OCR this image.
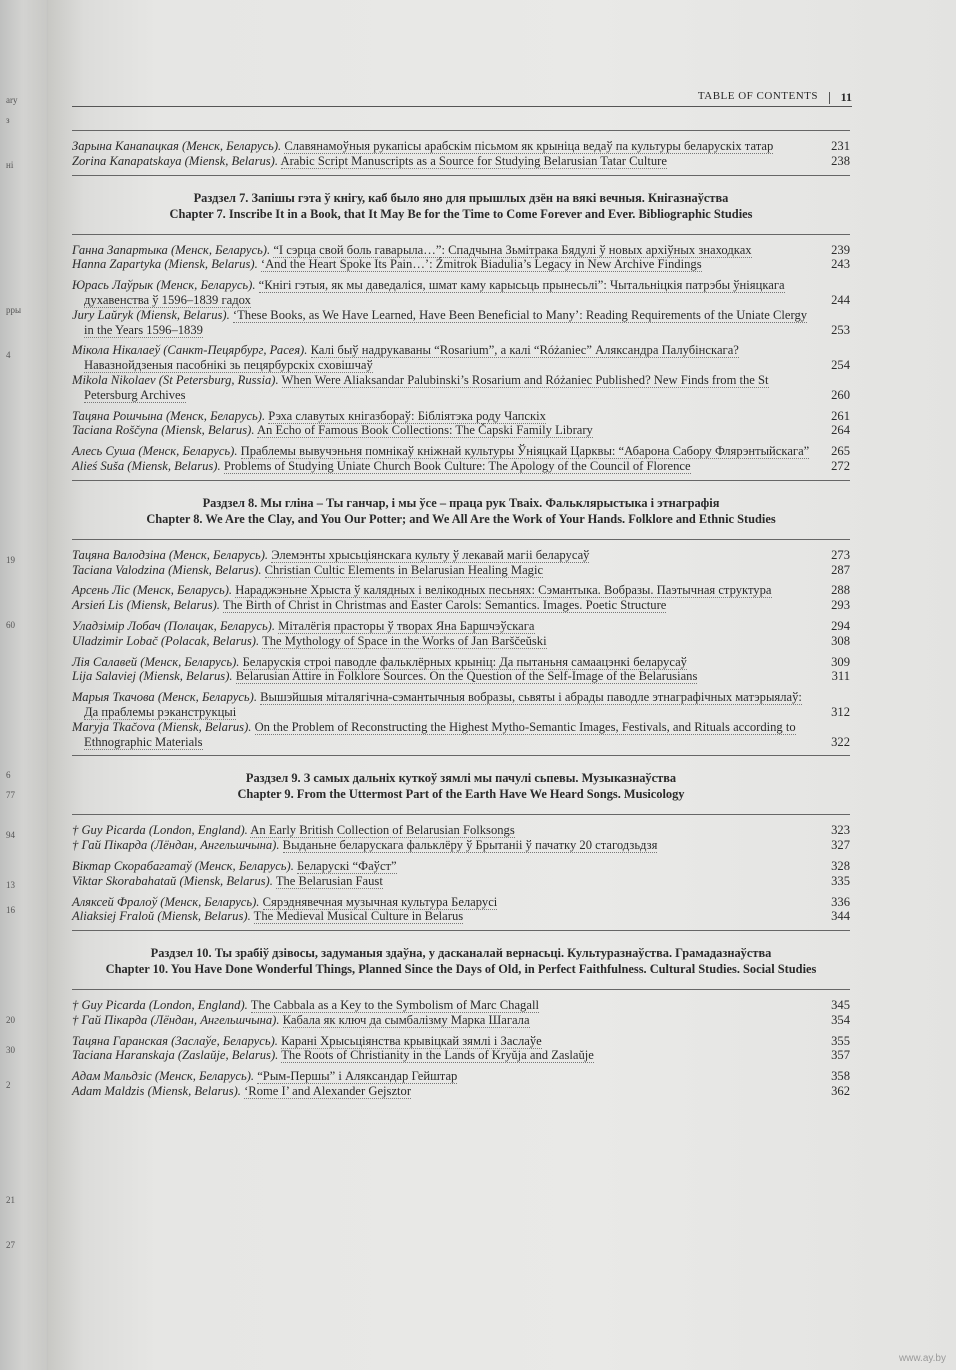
ary
з
ні
рры
4
19
60
6
77
94
13
16
20
30
2
21
27
TABLE OF CONTENTS 11
Зарына Канапацкая (Менск, Беларусь). Славянамоўныя рукапісы арабскім пісьмом як крыніца ведаў па культуры беларускіх татар	231
Zorina Kanapatskaya (Miensk, Belarus). Arabic Script Manuscripts as a Source for Studying Belarusian Tatar Culture	238
Раздзел 7. Запішы гэта ў кнігу, каб было яно для прышлых дзён на вякі вечныя. Кнігазнаўства
Chapter 7. Inscribe It in a Book, that It May Be for the Time to Come Forever and Ever. Bibliographic Studies
Ганна Запартыка (Менск, Беларусь). “І сэрца свой боль гаварыла…”: Спадчына Зьмітрака Бядулі ў новых архіўных знаходках	239
Hanna Zapartyka (Miensk, Belarus). ‘And the Heart Spoke Its Pain…’: Źmitrok Biadulia’s Legacy in New Archive Findings	243
Юрась Лаўрык (Менск, Беларусь). “Кнігі гэтыя, як мы даведаліся, шмат каму карысьць прынесьлі”: Чытальніцкія патрэбы ўніяцкага духавенства ў 1596–1839 гадох	244
Jury Laŭryk (Miensk, Belarus). ‘These Books, as We Have Learned, Have Been Beneficial to Many’: Reading Requirements of the Uniate Clergy in the Years 1596–1839	253
Мікола Нікалаеў (Санкт-Пецярбург, Расея). Калі быў надрукаваны “Rosarium”, а калі “Różaniec” Аляксандра Палубінскага? Навазнойдзеныя пасобнікі зь пецярбурскіх сховішчаў	254
Mikola Nikolaev (St Petersburg, Russia). When Were Aliaksandar Palubinski’s Rosarium and Różaniec Published? New Finds from the St Petersburg Archives	260
Тацяна Рошчына (Менск, Беларусь). Рэха славутых кнігазбораў: Бібліятэка роду Чапскіх	261
Taciana Roščyna (Miensk, Belarus). An Echo of Famous Book Collections: The Čapski Family Library	264
Алесь Суша (Менск, Беларусь). Праблемы вывучэньня помнікаў кніжнай культуры Ўніяцкай Царквы: “Абарона Сабору Флярэнтыйскага” 265
Alieś Suša (Miensk, Belarus). Problems of Studying Uniate Church Book Culture: The Apology of the Council of Florence	272
Раздзел 8. Мы гліна – Ты ганчар, і мы ўсе – праца рук Тваіх. Фальклярыстыка і этнаграфія
Chapter 8. We Are the Clay, and You Our Potter; and We All Are the Work of Your Hands. Folklore and Ethnic Studies
Тацяна Валодзіна (Менск, Беларусь). Элемэнты хрысьціянскага культу ў лекавай магіі беларусаў	273
Taciana Valodzina (Miensk, Belarus). Christian Cultic Elements in Belarusian Healing Magic	287
Арсень Ліс (Менск, Беларусь). Нараджэньне Хрыста ў калядных і велікодных песьнях: Сэмантыка. Вобразы. Паэтычная структура	288
Arsień Lis (Miensk, Belarus). The Birth of Christ in Christmas and Easter Carols: Semantics. Images. Poetic Structure	293
Уладзімір Лобач (Полацак, Беларусь). Міталёгія прасторы ў творах Яна Баршчэўскага	294
Uladzimir Lobač (Polacak, Belarus). The Mythology of Space in the Works of Jan Barščeŭski	308
Лія Салавей (Менск, Беларусь). Беларускія строі паводле фальклёрных крыніц: Да пытаньня самаацэнкі беларусаў	309
Lija Salaviej (Miensk, Belarus). Belarusian Attire in Folklore Sources. On the Question of the Self-Image of the Belarusians	311
Марыя Ткачова (Менск, Беларусь). Вышэйшыя міталягічна-сэмантычныя вобразы, сьвяты і абрады паводле этнаграфічных матэрыялаў: Да праблемы рэканструкцыі	312
Maryja Tkačova (Miensk, Belarus). On the Problem of Reconstructing the Highest Mytho-Semantic Images, Festivals, and Rituals according to Ethnographic Materials	322
Раздзел 9. З самых дальніх куткоў зямлі мы пачулі сьпевы. Музыказнаўства
Chapter 9. From the Uttermost Part of the Earth Have We Heard Songs. Musicology
† Guy Picarda (London, England). An Early British Collection of Belarusian Folksongs	323
† Гай Пікарда (Лёндан, Ангельшчына). Выданьне беларускага фальклёру ў Брытаніі ў пачатку 20 стагодзьдзя	327
Віктар Скорабагатаў (Менск, Беларусь). Беларускі “Фаўст”	328
Viktar Skorabahataŭ (Miensk, Belarus). The Belarusian Faust	335
Аляксей Фралоў (Менск, Беларусь). Сярэднявечная музычная культура Беларусі	336
Aliaksiej Fraloŭ (Miensk, Belarus). The Medieval Musical Culture in Belarus	344
Раздзел 10. Ты зрабіў дзівосы, задуманыя здаўна, у дасканалай вернасьці. Культуразнаўства. Грамадазнаўства
Chapter 10. You Have Done Wonderful Things, Planned Since the Days of Old, in Perfect Faithfulness. Cultural Studies. Social Studies
† Guy Picarda (London, England). The Cabbala as a Key to the Symbolism of Marc Chagall	345
† Гай Пікарда (Лёндан, Ангельшчына). Кабала як ключ да сымбалізму Марка Шагала	354
Тацяна Гаранская (Заслаўе, Беларусь). Карані Хрысьціянства крывіцкай зямлі і Заслаўе	355
Taciana Haranskaja (Zaslaŭje, Belarus). The Roots of Christianity in the Lands of Kryŭja and Zaslaŭje	357
Адам Мальдзіс (Менск, Беларусь). “Рым-Першы” і Аляксандар Гейштар	358
Adam Maldzis (Miensk, Belarus). ‘Rome I’ and Alexander Gejsztor	362
www.ay.by
